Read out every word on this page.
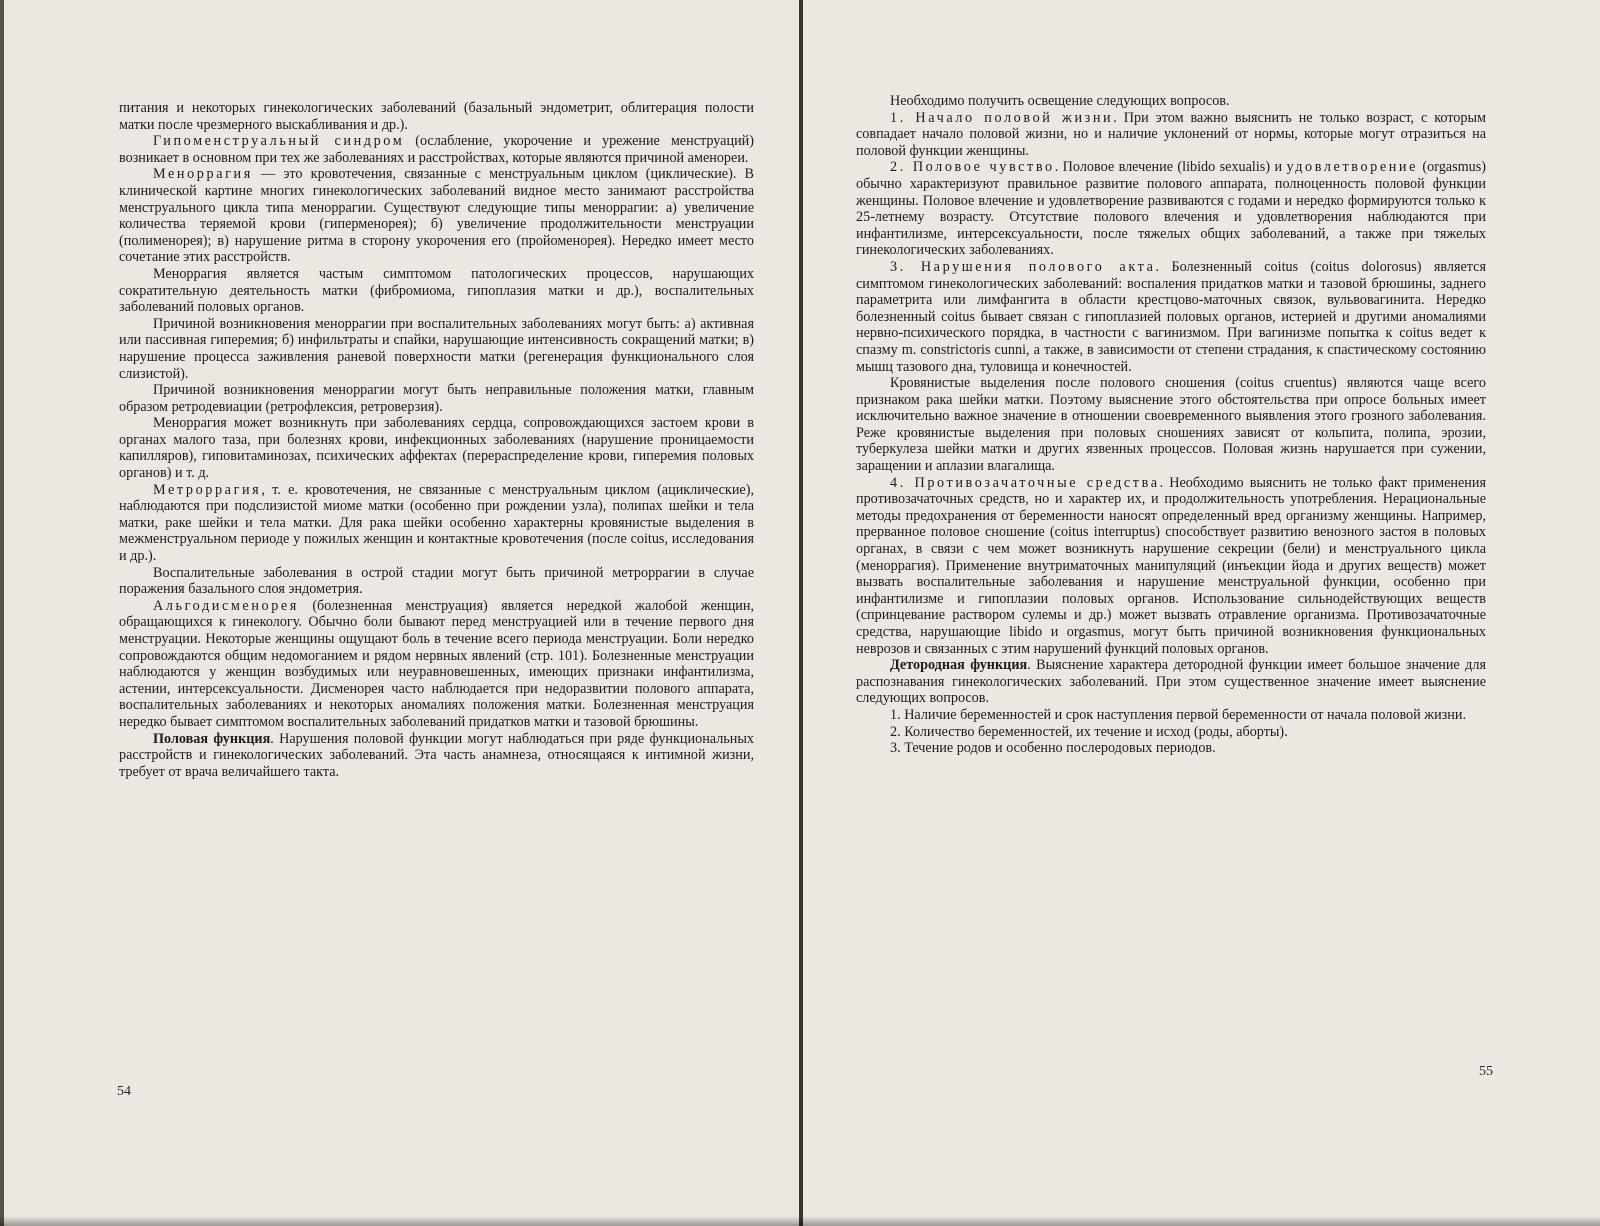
питания и некоторых гинекологических заболеваний (базальный эндометрит, облитерация полости матки после чрезмерного выскабливания и др.).

Гипоменструальный синдром (ослабление, укорочение и урежение менструаций) возникает в основном при тех же заболеваниях и расстройствах, которые являются причиной аменореи.

Меноррагия — это кровотечения, связанные с менструальным циклом (циклические). В клинической картине многих гинекологических заболеваний видное место занимают расстройства менструального цикла типа меноррагии. Существуют следующие типы меноррагии: а) увеличение количества теряемой крови (гиперменорея); б) увеличение продолжительности менструации (полименорея); в) нарушение ритма в сторону укорочения его (пройоменорея). Нередко имеет место сочетание этих расстройств.

Меноррагия является частым симптомом патологических процессов, нарушающих сократительную деятельность матки (фибромиома, гипоплазия матки и др.), воспалительных заболеваний половых органов.

Причиной возникновения меноррагии при воспалительных заболеваниях могут быть: а) активная или пассивная гиперемия; б) инфильтраты и спайки, нарушающие интенсивность сокращений матки; в) нарушение процесса заживления раневой поверхности матки (регенерация функционального слоя слизистой).

Причиной возникновения меноррагии могут быть неправильные положения матки, главным образом ретродевиации (ретрофлексия, ретроверзия).

Меноррагия может возникнуть при заболеваниях сердца, сопровождающихся застоем крови в органах малого таза, при болезнях крови, инфекционных заболеваниях (нарушение проницаемости капилляров), гиповитаминозах, психических аффектах (перераспределение крови, гиперемия половых органов) и т. д.

Метроррагия, т. е. кровотечения, не связанные с менструальным циклом (ациклические), наблюдаются при подслизистой миоме матки (особенно при рождении узла), полипах шейки и тела матки, раке шейки и тела матки. Для рака шейки особенно характерны кровянистые выделения в межменструальном периоде у пожилых женщин и контактные кровотечения (после coitus, исследования и др.).

Воспалительные заболевания в острой стадии могут быть причиной метроррагии в случае поражения базального слоя эндометрия.

Альгодисменорея (болезненная менструация) является нередкой жалобой женщин, обращающихся к гинекологу. Обычно боли бывают перед менструацией или в течение первого дня менструации. Некоторые женщины ощущают боль в течение всего периода менструации. Боли нередко сопровождаются общим недомоганием и рядом нервных явлений (стр. 101). Болезненные менструации наблюдаются у женщин возбудимых или неуравновешенных, имеющих признаки инфантилизма, астении, интерсексуальности. Дисменорея часто наблюдается при недоразвитии полового аппарата, воспалительных заболеваниях и некоторых аномалиях положения матки. Болезненная менструация нередко бывает симптомом воспалительных заболеваний придатков матки и тазовой брюшины.

Половая функция. Нарушения половой функции могут наблюдаться при ряде функциональных расстройств и гинекологических заболеваний. Эта часть анамнеза, относящаяся к интимной жизни, требует от врача величайшего такта.

54

Необходимо получить освещение следующих вопросов.

1. Начало половой жизни. При этом важно выяснить не только возраст, с которым совпадает начало половой жизни, но и наличие уклонений от нормы, которые могут отразиться на половой функции женщины.

2. Половое чувство. Половое влечение (libido sexualis) и удовлетворение (orgasmus) обычно характеризуют правильное развитие полового аппарата, полноценность половой функции женщины. Половое влечение и удовлетворение развиваются с годами и нередко формируются только к 25-летнему возрасту. Отсутствие полового влечения и удовлетворения наблюдаются при инфантилизме, интерсексуальности, после тяжелых общих заболеваний, а также при тяжелых гинекологических заболеваниях.

3. Нарушения полового акта. Болезненный coitus (coitus dolorosus) является симптомом гинекологических заболеваний: воспаления придатков матки и тазовой брюшины, заднего параметрита или лимфангита в области крестцово-маточных связок, вульвовагинита. Нередко болезненный coitus бывает связан с гипоплазией половых органов, истерией и другими аномалиями нервно-психического порядка, в частности с вагинизмом. При вагинизме попытка к coitus ведет к спазму m. constrictoris cunni, а также, в зависимости от степени страдания, к спастическому состоянию мышц тазового дна, туловища и конечностей.

Кровянистые выделения после полового сношения (coitus cruentus) являются чаще всего признаком рака шейки матки. Поэтому выяснение этого обстоятельства при опросе больных имеет исключительно важное значение в отношении своевременного выявления этого грозного заболевания. Реже кровянистые выделения при половых сношениях зависят от кольпита, полипа, эрозии, туберкулеза шейки матки и других язвенных процессов. Половая жизнь нарушается при сужении, заращении и аплазии влагалища.

4. Противозачаточные средства. Необходимо выяснить не только факт применения противозачаточных средств, но и характер их, и продолжительность употребления. Нерациональные методы предохранения от беременности наносят определенный вред организму женщины. Например, прерванное половое сношение (coitus interruptus) способствует развитию венозного застоя в половых органах, в связи с чем может возникнуть нарушение секреции (бели) и менструального цикла (меноррагия). Применение внутриматочных манипуляций (инъекции йода и других веществ) может вызвать воспалительные заболевания и нарушение менструальной функции, особенно при инфантилизме и гипоплазии половых органов. Использование сильнодействующих веществ (спринцевание раствором сулемы и др.) может вызвать отравление организма. Противозачаточные средства, нарушающие libido и orgasmus, могут быть причиной возникновения функциональных неврозов и связанных с этим нарушений функций половых органов.

Детородная функция. Выяснение характера детородной функции имеет большое значение для распознавания гинекологических заболеваний. При этом существенное значение имеет выяснение следующих вопросов.

1. Наличие беременностей и срок наступления первой беременности от начала половой жизни.

2. Количество беременностей, их течение и исход (роды, аборты).

3. Течение родов и особенно послеродовых периодов.

55
